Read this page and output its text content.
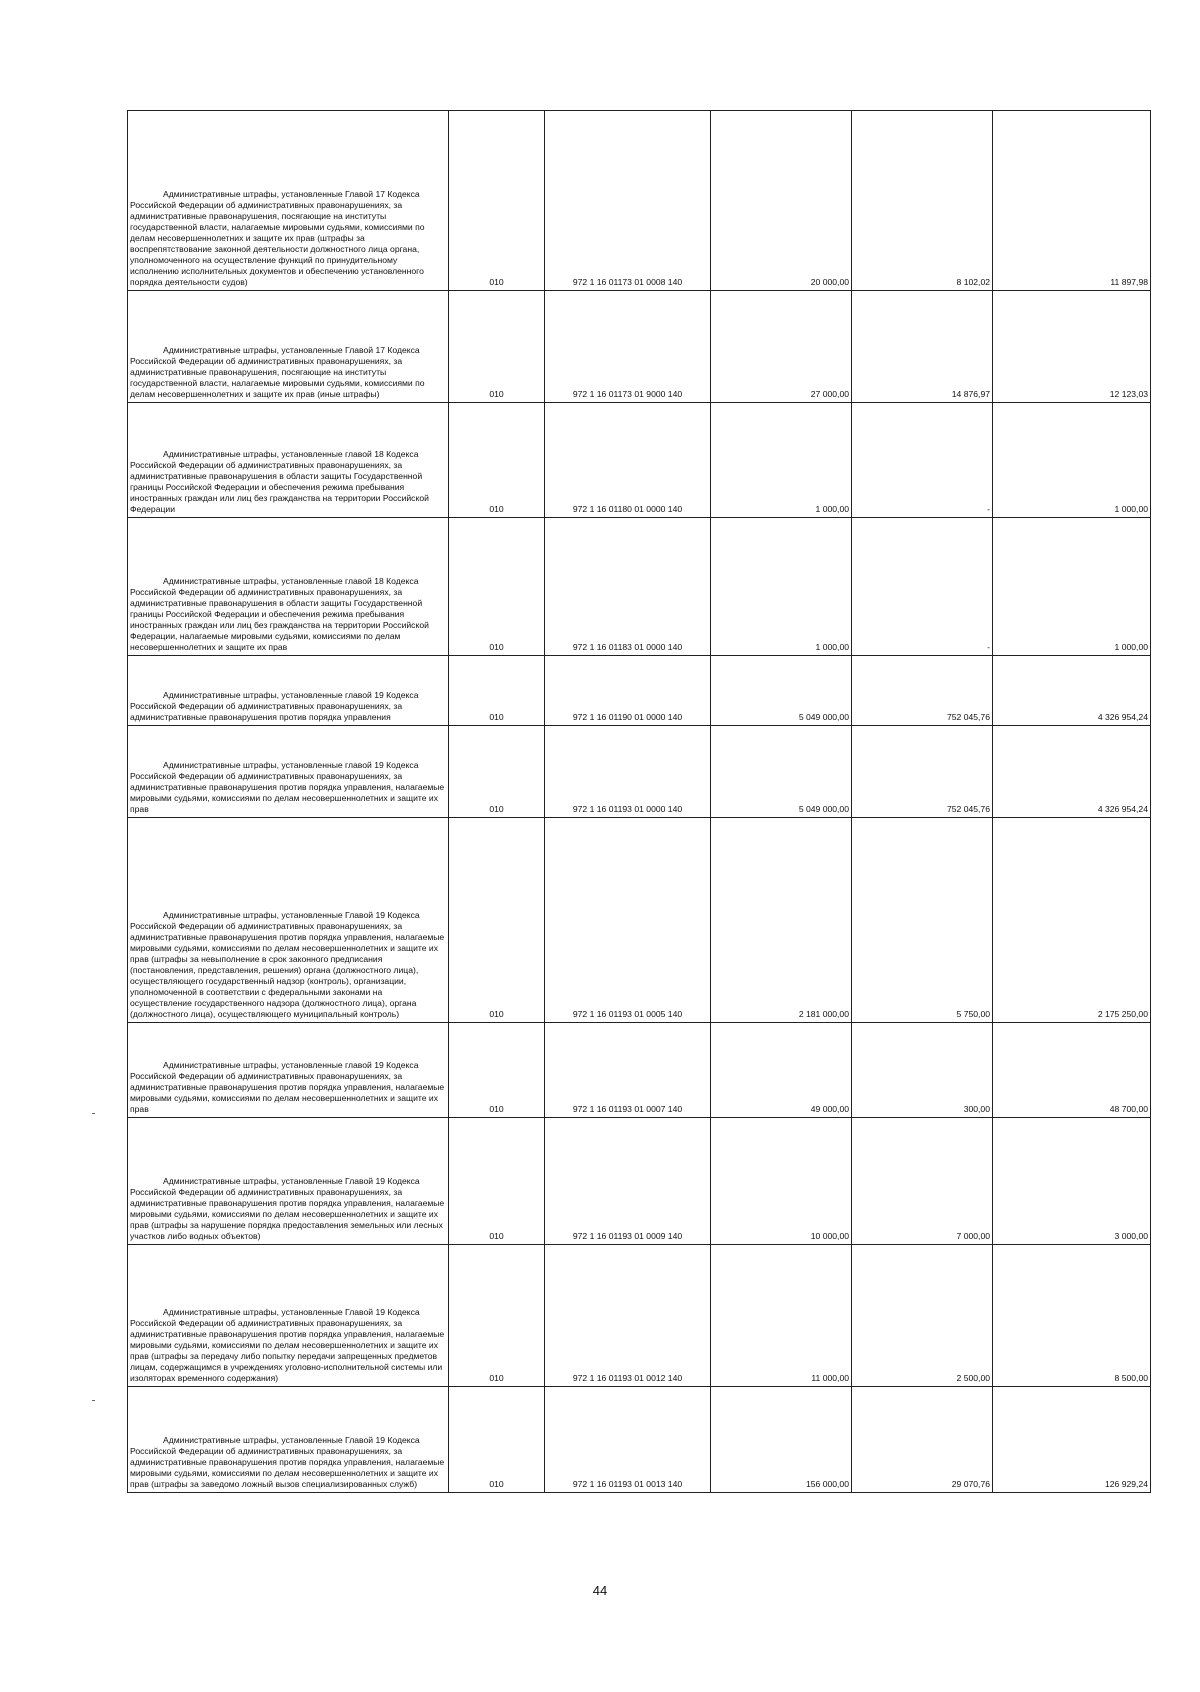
Административные штрафы, установленные Главой 17 Кодекса Российской Федерации об административных правонарушениях, за административные правонарушения, посягающие на институты государственной власти, налагаемые мировыми судьями, комиссиями по делам несовершеннолетних и защите их прав (штрафы за воспрепятствование законной деятельности должностного лица органа, уполномоченного на осуществление функций по принудительному исполнению исполнительных документов и обеспечению установленного порядка деятельности судов)	010	972 1 16 01173 01 0008 140	20 000,00	8 102,02	11 897,98
Административные штрафы, установленные Главой 17 Кодекса Российской Федерации об административных правонарушениях, за административные правонарушения, посягающие на институты государственной власти, налагаемые мировыми судьями, комиссиями по делам несовершеннолетних и защите их прав (иные штрафы)	010	972 1 16 01173 01 9000 140	27 000,00	14 876,97	12 123,03
Административные штрафы, установленные главой 18 Кодекса Российской Федерации об административных правонарушениях, за административные правонарушения в области защиты Государственной границы Российской Федерации и обеспечения режима пребывания иностранных граждан или лиц без гражданства на территории Российской Федерации	010	972 1 16 01180 01 0000 140	1 000,00	-	1 000,00
Административные штрафы, установленные главой 18 Кодекса Российской Федерации об административных правонарушениях, за административные правонарушения в области защиты Государственной границы Российской Федерации и обеспечения режима пребывания иностранных граждан или лиц без гражданства на территории Российской Федерации, налагаемые мировыми судьями, комиссиями по делам несовершеннолетних и защите их прав	010	972 1 16 01183 01 0000 140	1 000,00	-	1 000,00
Административные штрафы, установленные главой 19 Кодекса Российской Федерации об административных правонарушениях, за административные правонарушения против порядка управления	010	972 1 16 01190 01 0000 140	5 049 000,00	752 045,76	4 326 954,24
Административные штрафы, установленные главой 19 Кодекса Российской Федерации об административных правонарушениях, за административные правонарушения против порядка управления, налагаемые мировыми судьями, комиссиями по делам несовершеннолетних и защите их прав	010	972 1 16 01193 01 0000 140	5 049 000,00	752 045,76	4 326 954,24
Административные штрафы, установленные Главой 19 Кодекса Российской Федерации об административных правонарушениях, за административные правонарушения против порядка управления, налагаемые мировыми судьями, комиссиями по делам несовершеннолетних и защите их прав (штрафы за невыполнение в срок законного предписания (постановления, представления, решения) органа (должностного лица), осуществляющего государственный надзор (контроль), организации, уполномоченной в соответствии с федеральными законами на осуществление государственного надзора (должностного лица), органа (должностного лица), осуществляющего муниципальный контроль)	010	972 1 16 01193 01 0005 140	2 181 000,00	5 750,00	2 175 250,00
Административные штрафы, установленные главой 19 Кодекса Российской Федерации об административных правонарушениях, за административные правонарушения против порядка управления, налагаемые мировыми судьями, комиссиями по делам несовершеннолетних и защите их прав	010	972 1 16 01193 01 0007 140	49 000,00	300,00	48 700,00
Административные штрафы, установленные Главой 19 Кодекса Российской Федерации об административных правонарушениях, за административные правонарушения против порядка управления, налагаемые мировыми судьями, комиссиями по делам несовершеннолетних и защите их прав (штрафы за нарушение порядка предоставления земельных или лесных участков либо водных объектов)	010	972 1 16 01193 01 0009 140	10 000,00	7 000,00	3 000,00
Административные штрафы, установленные Главой 19 Кодекса Российской Федерации об административных правонарушениях, за административные правонарушения против порядка управления, налагаемые мировыми судьями, комиссиями по делам несовершеннолетних и защите их прав (штрафы за передачу либо попытку передачи запрещенных предметов лицам, содержащимся в учреждениях уголовно-исполнительной системы или изоляторах временного содержания)	010	972 1 16 01193 01 0012 140	11 000,00	2 500,00	8 500,00
Административные штрафы, установленные Главой 19 Кодекса Российской Федерации об административных правонарушениях, за административные правонарушения против порядка управления, налагаемые мировыми судьями, комиссиями по делам несовершеннолетних и защите их прав (штрафы за заведомо ложный вызов специализированных служб)	010	972 1 16 01193 01 0013 140	156 000,00	29 070,76	126 929,24
44
